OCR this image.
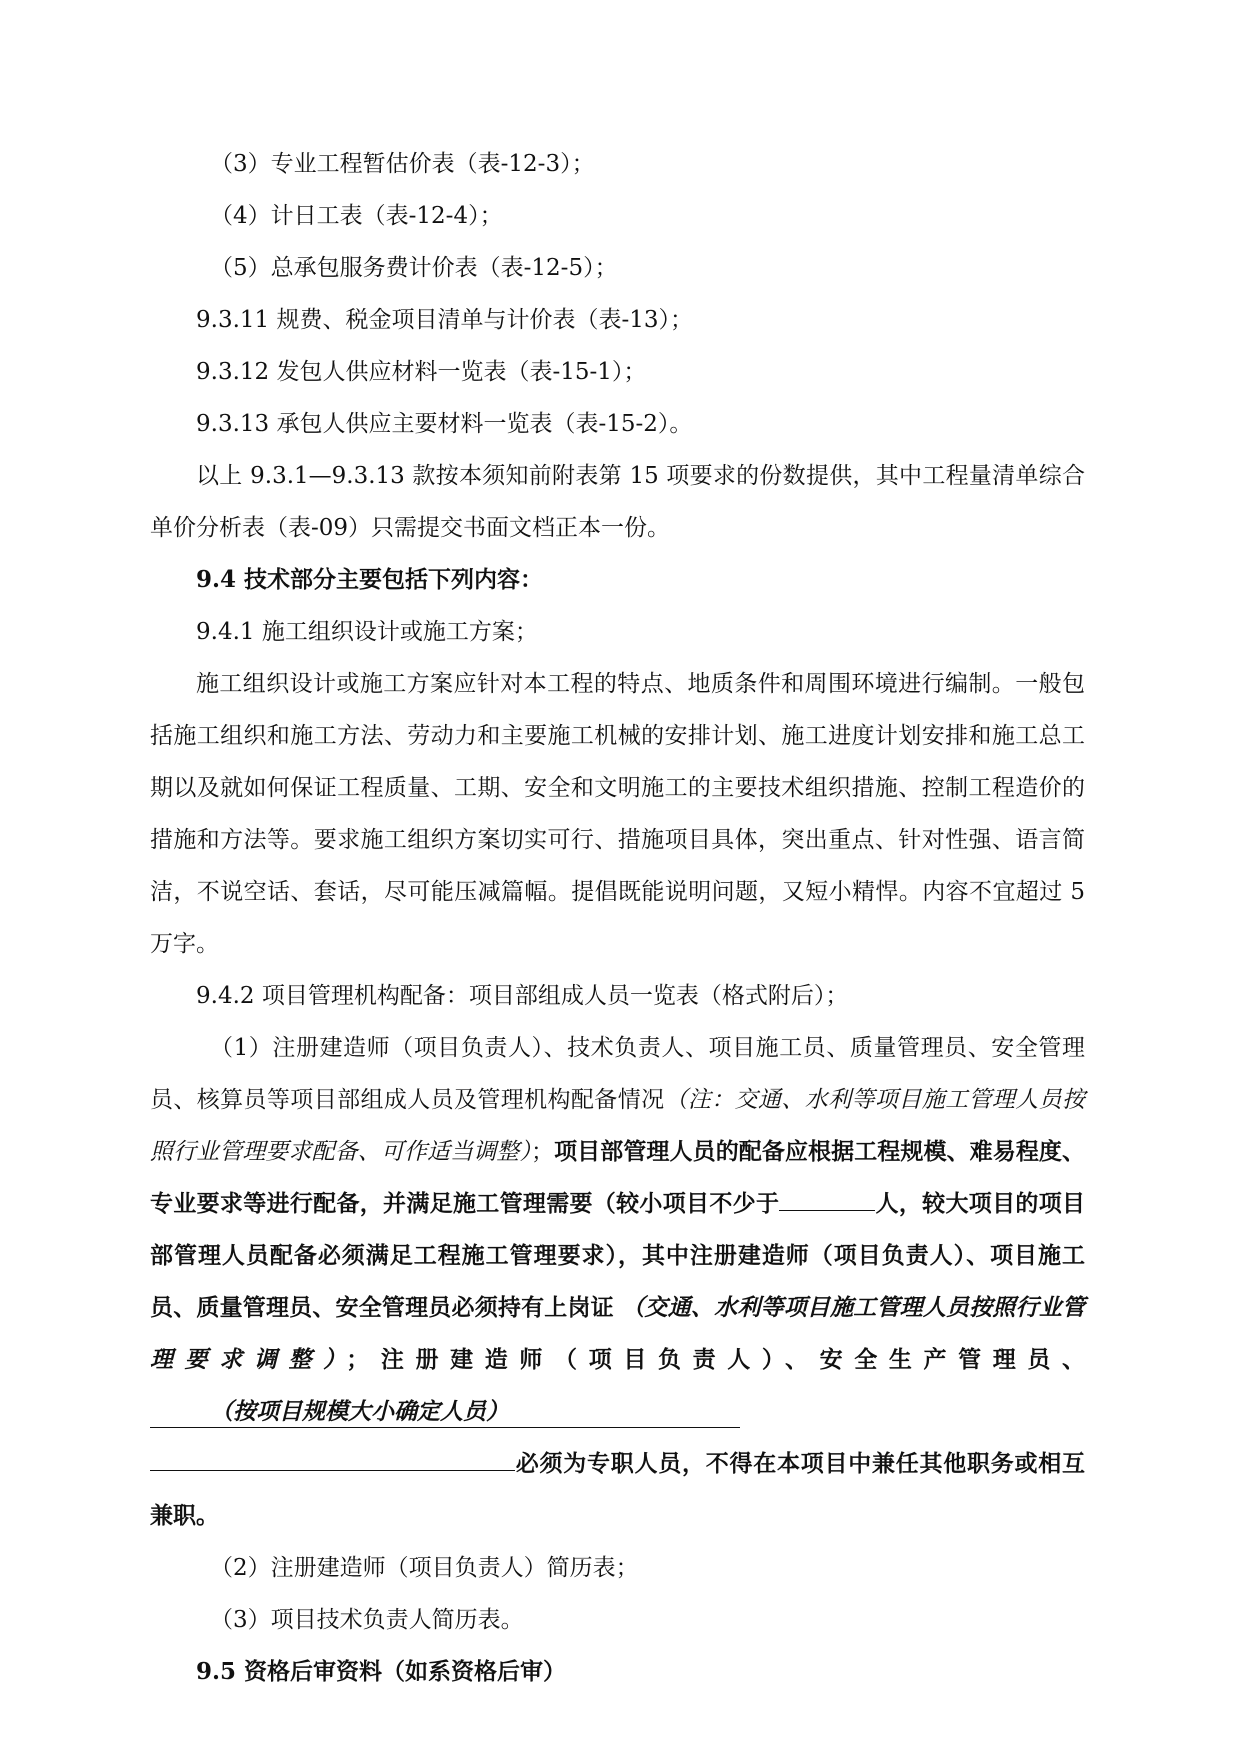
（3）专业工程暂估价表（表-12-3）；

（4）计日工表（表-12-4）；

（5）总承包服务费计价表（表-12-5）；

9.3.11 规费、税金项目清单与计价表（表-13）；

9.3.12 发包人供应材料一览表（表-15-1）；

9.3.13 承包人供应主要材料一览表（表-15-2）。

以上 9.3.1—9.3.13 款按本须知前附表第 15 项要求的份数提供，其中工程量清单综合单价分析表（表-09）只需提交书面文档正本一份。

9.4 技术部分主要包括下列内容：

9.4.1 施工组织设计或施工方案；

施工组织设计或施工方案应针对本工程的特点、地质条件和周围环境进行编制。一般包括施工组织和施工方法、劳动力和主要施工机械的安排计划、施工进度计划安排和施工总工期以及就如何保证工程质量、工期、安全和文明施工的主要技术组织措施、控制工程造价的措施和方法等。要求施工组织方案切实可行、措施项目具体，突出重点、针对性强、语言简洁，不说空话、套话，尽可能压减篇幅。提倡既能说明问题，又短小精悍。内容不宜超过 5 万字。

9.4.2 项目管理机构配备：项目部组成人员一览表（格式附后）；

（1）注册建造师（项目负责人）、技术负责人、项目施工员、质量管理员、安全管理员、核算员等项目部组成人员及管理机构配备情况（注：交通、水利等项目施工管理人员按照行业管理要求配备、可作适当调整）；项目部管理人员的配备应根据工程规模、难易程度、专业要求等进行配备，并满足施工管理需要（较小项目不少于	人，较大项目的项目部管理人员配备必须满足工程施工管理要求），其中注册建造师（项目负责人）、项目施工员、质量管理员、安全管理员必须持有上岗证 （交通、水利等项目施工管理人员按照行业管理要求调整）；注册建造师（项目负责人）、安全生产管理员、（按项目规模大小确定人员）必须为专职人员，不得在本项目中兼任其他职务或相互兼职。

（2）注册建造师（项目负责人）简历表；

（3）项目技术负责人简历表。

9.5 资格后审资料（如系资格后审）
